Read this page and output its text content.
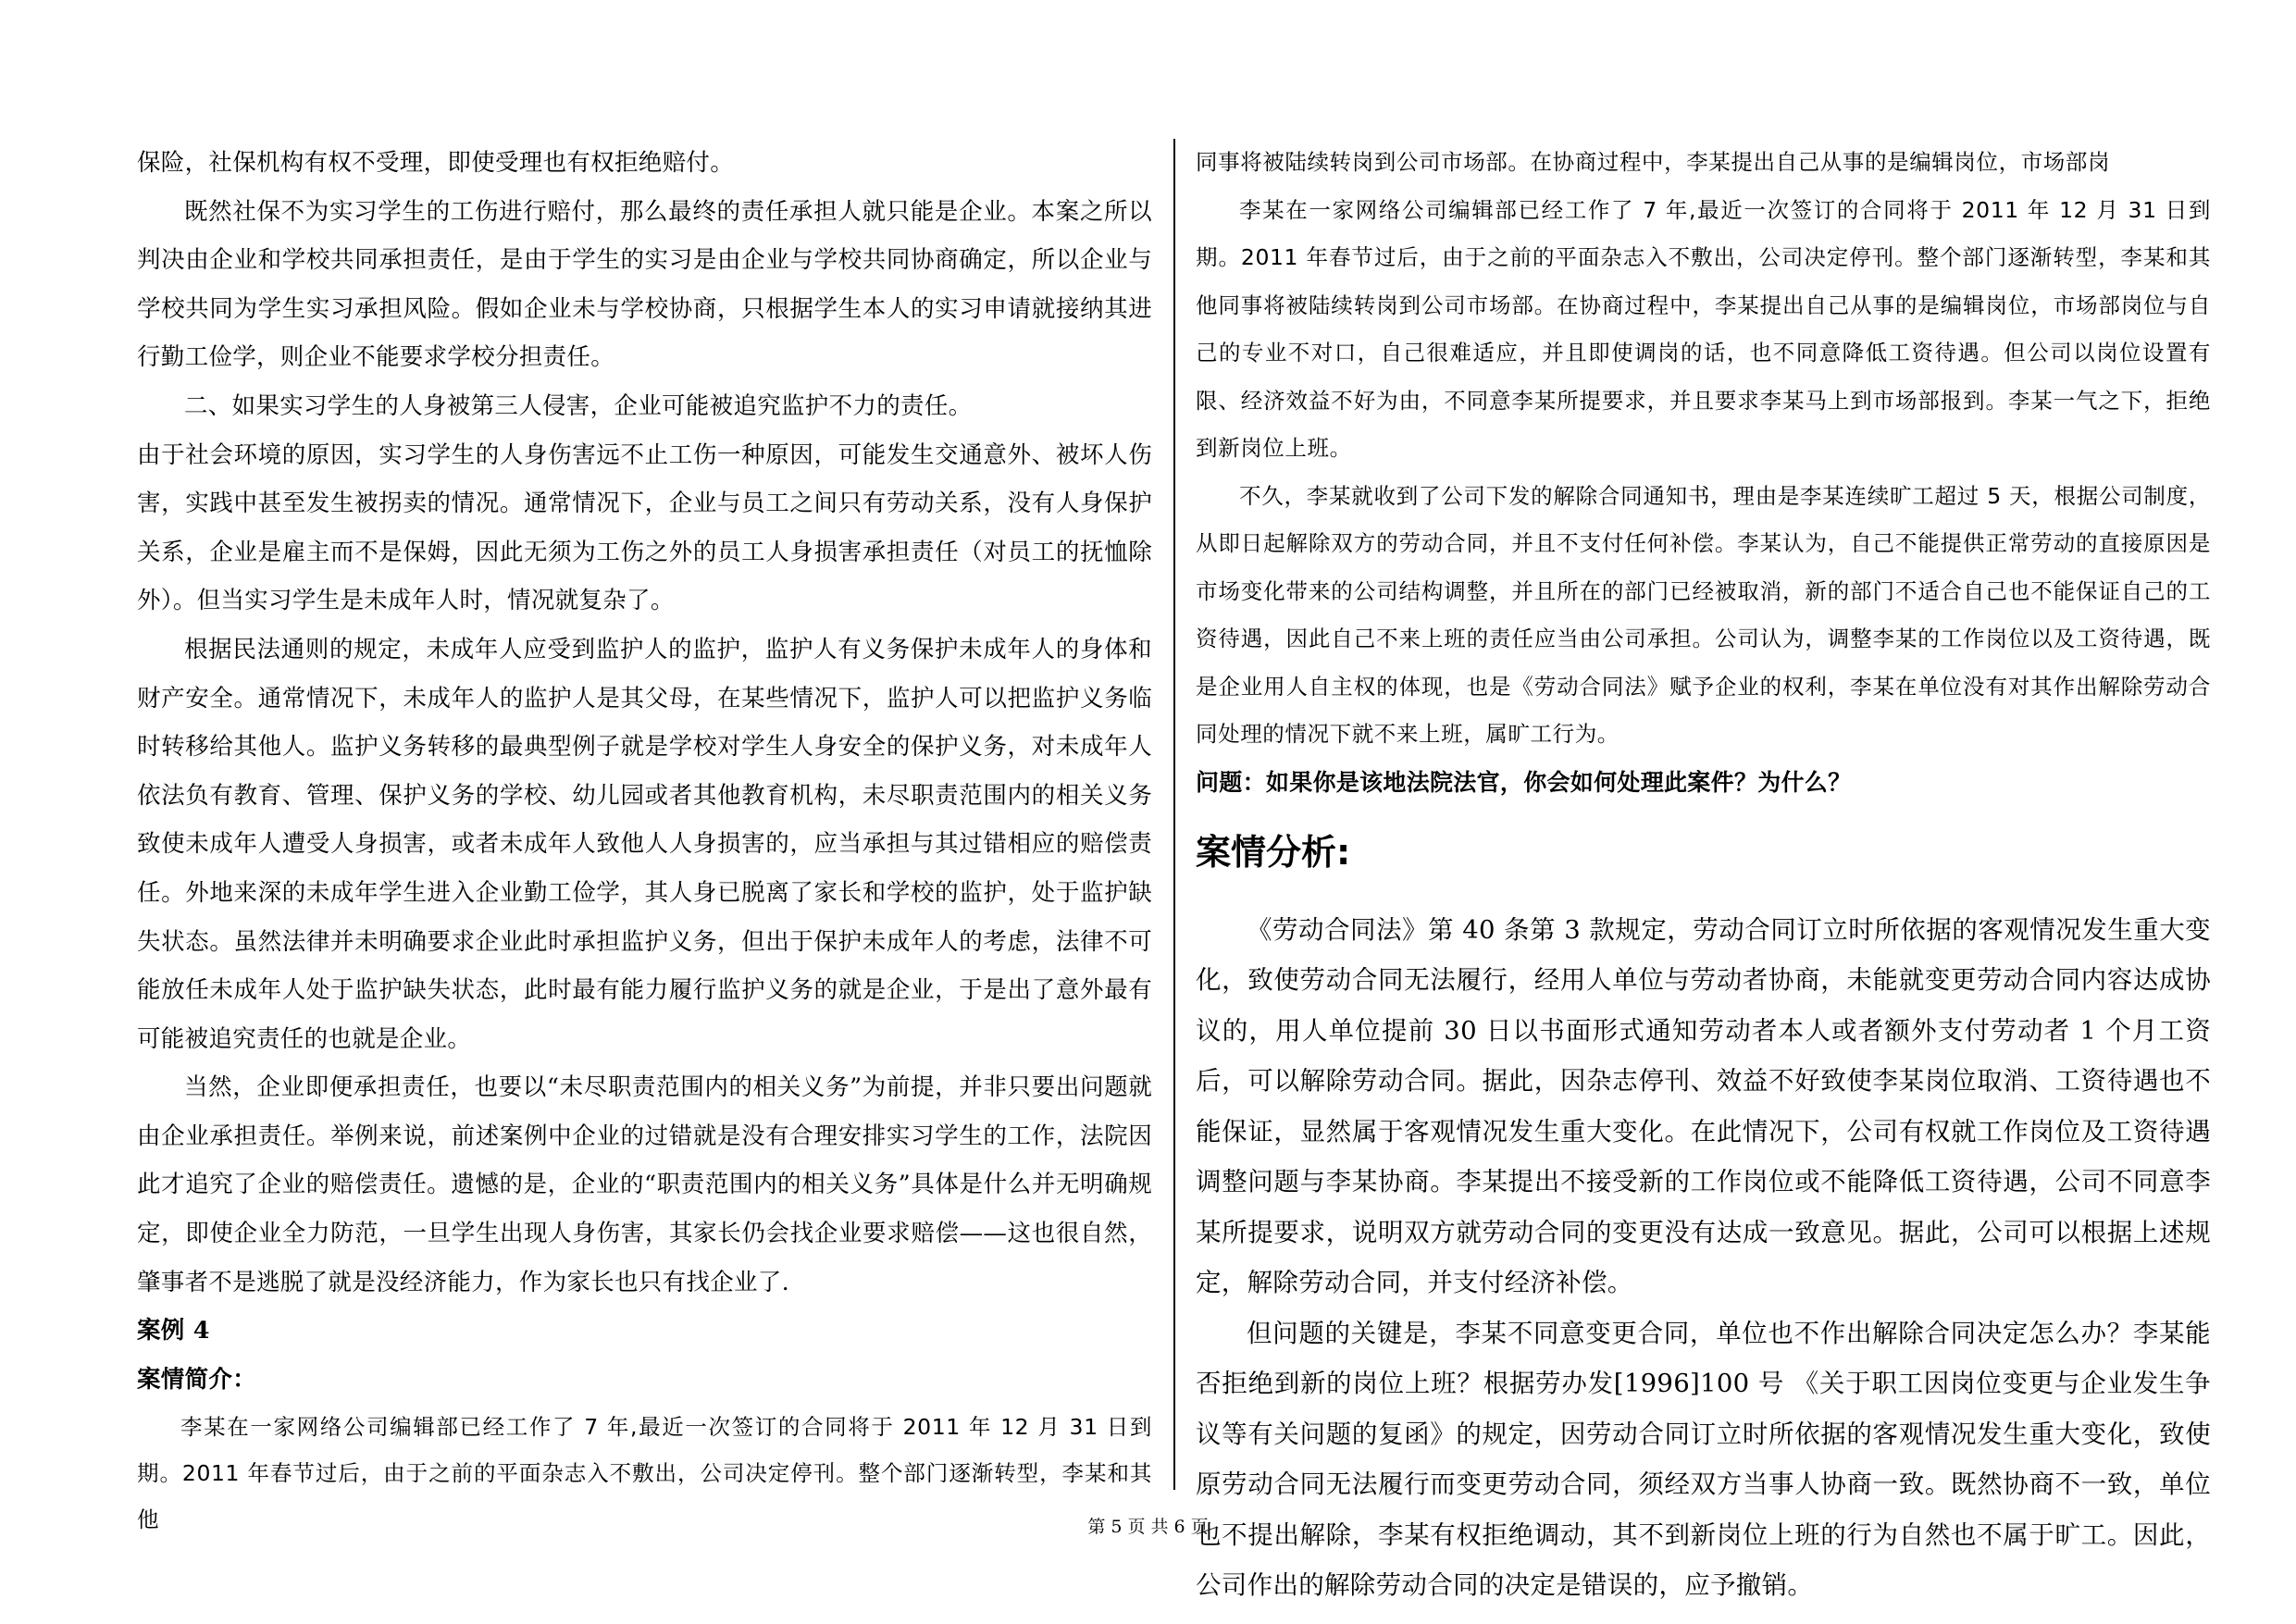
保险，社保机构有权不受理，即使受理也有权拒绝赔付。

既然社保不为实习学生的工伤进行赔付，那么最终的责任承担人就只能是企业。本案之所以判决由企业和学校共同承担责任，是由于学生的实习是由企业与学校共同协商确定，所以企业与学校共同为学生实习承担风险。假如企业未与学校协商，只根据学生本人的实习申请就接纳其进行勤工俭学，则企业不能要求学校分担责任。

二、如果实习学生的人身被第三人侵害，企业可能被追究监护不力的责任。

由于社会环境的原因，实习学生的人身伤害远不止工伤一种原因，可能发生交通意外、被坏人伤害，实践中甚至发生被拐卖的情况。通常情况下，企业与员工之间只有劳动关系，没有人身保护关系，企业是雇主而不是保姆，因此无须为工伤之外的员工人身损害承担责任（对员工的抚恤除外）。但当实习学生是未成年人时，情况就复杂了。

根据民法通则的规定，未成年人应受到监护人的监护，监护人有义务保护未成年人的身体和财产安全。通常情况下，未成年人的监护人是其父母，在某些情况下，监护人可以把监护义务临时转移给其他人。监护义务转移的最典型例子就是学校对学生人身安全的保护义务，对未成年人依法负有教育、管理、保护义务的学校、幼儿园或者其他教育机构，未尽职责范围内的相关义务致使未成年人遭受人身损害，或者未成年人致他人人身损害的，应当承担与其过错相应的赔偿责任。外地来深的未成年学生进入企业勤工俭学，其人身已脱离了家长和学校的监护，处于监护缺失状态。虽然法律并未明确要求企业此时承担监护义务，但出于保护未成年人的考虑，法律不可能放任未成年人处于监护缺失状态，此时最有能力履行监护义务的就是企业，于是出了意外最有可能被追究责任的也就是企业。

当然，企业即便承担责任，也要以“未尽职责范围内的相关义务”为前提，并非只要出问题就由企业承担责任。举例来说，前述案例中企业的过错就是没有合理安排实习学生的工作，法院因此才追究了企业的赔偿责任。遗憾的是，企业的“职责范围内的相关义务”具体是什么并无明确规定，即使企业全力防范，一旦学生出现人身伤害，其家长仍会找企业要求赔偿——这也很自然，肇事者不是逃脱了就是没经济能力，作为家长也只有找企业了.

案例 4

案情简介：

李某在一家网络公司编辑部已经工作了 7 年,最近一次签订的合同将于 2011 年 12 月 31 日到期。2011 年春节过后，由于之前的平面杂志入不敷出，公司决定停刊。整个部门逐渐转型，李某和其他

同事将被陆续转岗到公司市场部。在协商过程中，李某提出自己从事的是编辑岗位，市场部岗

李某在一家网络公司编辑部已经工作了 7 年,最近一次签订的合同将于 2011 年 12 月 31 日到期。2011 年春节过后，由于之前的平面杂志入不敷出，公司决定停刊。整个部门逐渐转型，李某和其他同事将被陆续转岗到公司市场部。在协商过程中，李某提出自己从事的是编辑岗位，市场部岗位与自己的专业不对口，自己很难适应，并且即使调岗的话，也不同意降低工资待遇。但公司以岗位设置有限、经济效益不好为由，不同意李某所提要求，并且要求李某马上到市场部报到。李某一气之下，拒绝到新岗位上班。

不久，李某就收到了公司下发的解除合同通知书，理由是李某连续旷工超过 5 天，根据公司制度，从即日起解除双方的劳动合同，并且不支付任何补偿。李某认为，自己不能提供正常劳动的直接原因是市场变化带来的公司结构调整，并且所在的部门已经被取消，新的部门不适合自己也不能保证自己的工资待遇，因此自己不来上班的责任应当由公司承担。公司认为，调整李某的工作岗位以及工资待遇，既是企业用人自主权的体现，也是《劳动合同法》赋予企业的权利，李某在单位没有对其作出解除劳动合同处理的情况下就不来上班，属旷工行为。

问题：如果你是该地法院法官，你会如何处理此案件？为什么？

案情分析:

《劳动合同法》第 40 条第 3 款规定，劳动合同订立时所依据的客观情况发生重大变化，致使劳动合同无法履行，经用人单位与劳动者协商，未能就变更劳动合同内容达成协议的，用人单位提前 30 日以书面形式通知劳动者本人或者额外支付劳动者 1 个月工资后，可以解除劳动合同。据此，因杂志停刊、效益不好致使李某岗位取消、工资待遇也不能保证，显然属于客观情况发生重大变化。在此情况下，公司有权就工作岗位及工资待遇调整问题与李某协商。李某提出不接受新的工作岗位或不能降低工资待遇，公司不同意李某所提要求，说明双方就劳动合同的变更没有达成一致意见。据此，公司可以根据上述规定，解除劳动合同，并支付经济补偿。

但问题的关键是，李某不同意变更合同，单位也不作出解除合同决定怎么办？李某能否拒绝到新的岗位上班？根据劳办发[1996]100 号 《关于职工因岗位变更与企业发生争议等有关问题的复函》的规定，因劳动合同订立时所依据的客观情况发生重大变化，致使原劳动合同无法履行而变更劳动合同，须经双方当事人协商一致。既然协商不一致，单位也不提出解除，李某有权拒绝调动，其不到新岗位上班的行为自然也不属于旷工。因此，公司作出的解除劳动合同的决定是错误的，应予撤销。

第 5 页 共 6 页
